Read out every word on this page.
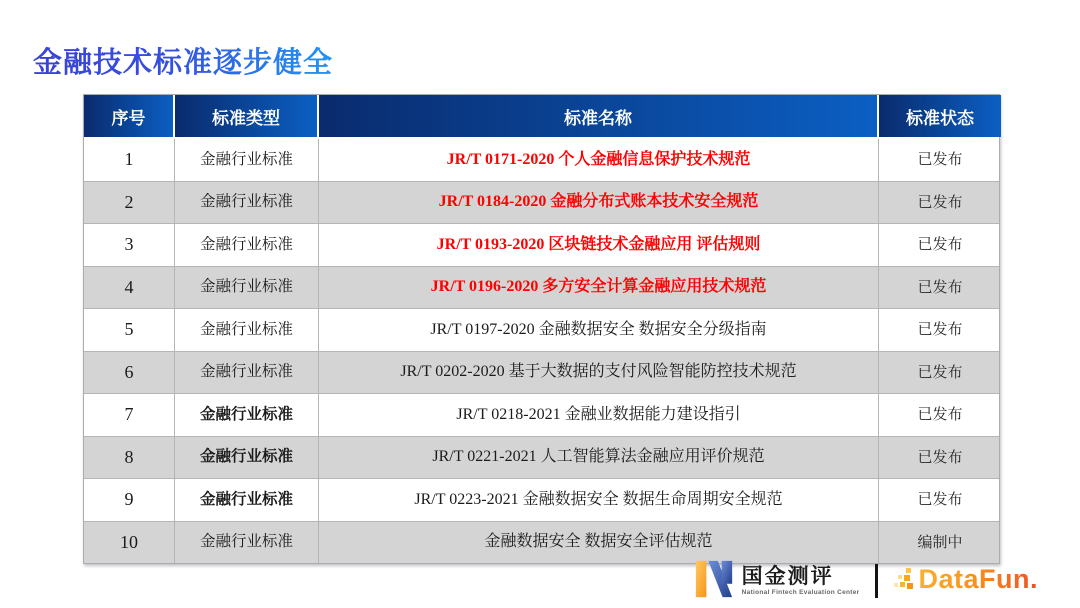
金融技术标准逐步健全
序号	标准类型	标准名称	标准状态
1	金融行业标准	JR/T 0171-2020 个人金融信息保护技术规范	已发布
2	金融行业标准	JR/T 0184-2020 金融分布式账本技术安全规范	已发布
3	金融行业标准	JR/T 0193-2020 区块链技术金融应用 评估规则	已发布
4	金融行业标准	JR/T 0196-2020 多方安全计算金融应用技术规范	已发布
5	金融行业标准	JR/T 0197-2020 金融数据安全 数据安全分级指南	已发布
6	金融行业标准	JR/T 0202-2020 基于大数据的支付风险智能防控技术规范	已发布
7	金融行业标准	JR/T 0218-2021 金融业数据能力建设指引	已发布
8	金融行业标准	JR/T 0221-2021 人工智能算法金融应用评价规范	已发布
9	金融行业标准	JR/T 0223-2021 金融数据安全 数据生命周期安全规范	已发布
10	金融行业标准	金融数据安全 数据安全评估规范	编制中
国金测评
National Fintech Evaluation Center DataFun.
